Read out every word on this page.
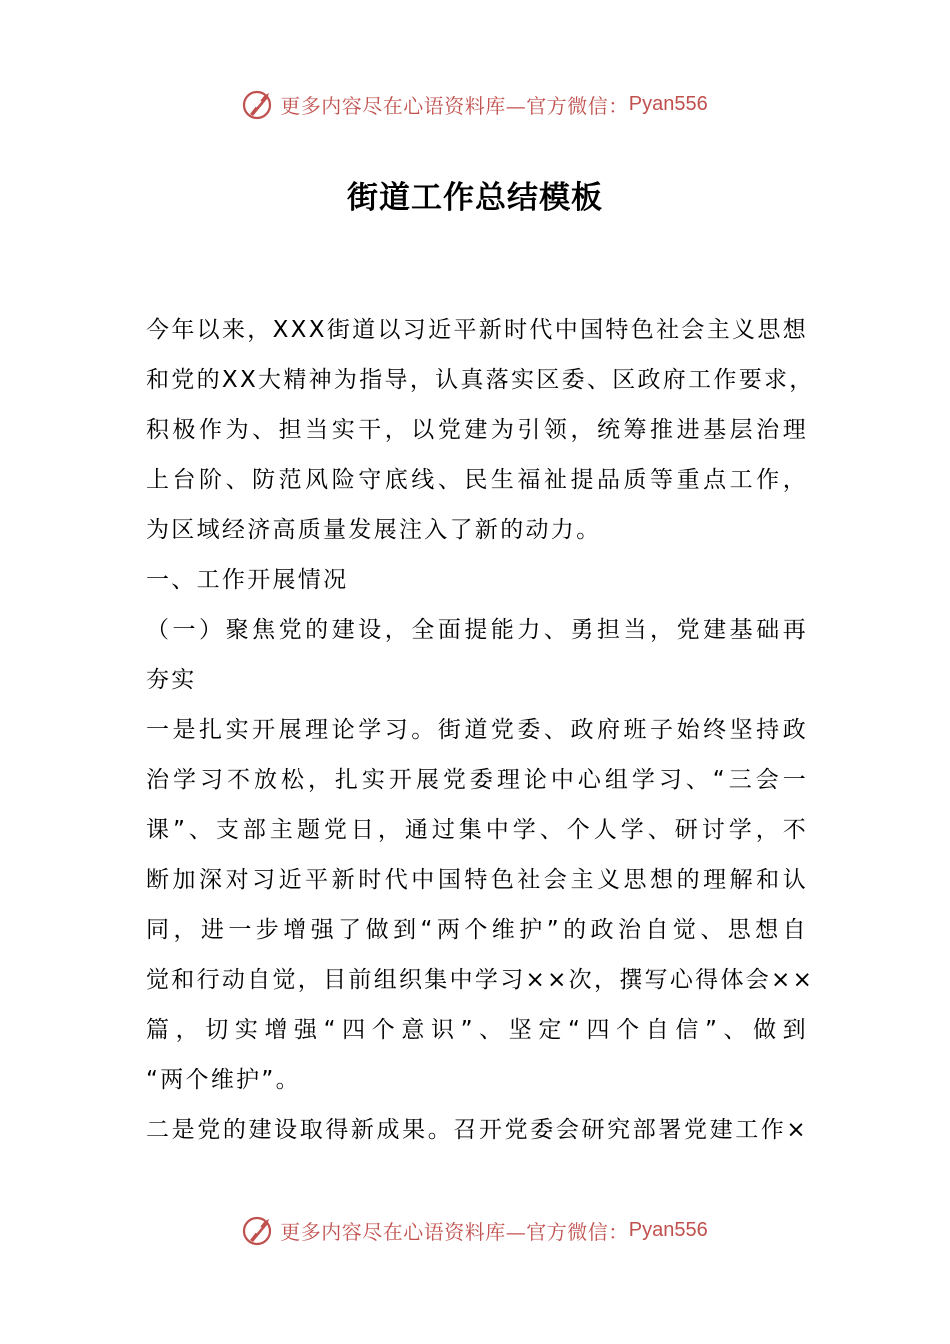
更多内容尽在心语资料库—官方微信： Pyan556
街道工作总结模板
今年以来，XXX街道以习近平新时代中国特色社会主义思想
和党的XX大精神为指导，认真落实区委、区政府工作要求，
积极作为、担当实干，以党建为引领，统筹推进基层治理
上台阶、防范风险守底线、民生福祉提品质等重点工作，
为区域经济高质量发展注入了新的动力。
一、工作开展情况
（一）聚焦党的建设，全面提能力、勇担当，党建基础再
夯实
一是扎实开展理论学习。街道党委、政府班子始终坚持政
治学习不放松，扎实开展党委理论中心组学习、“三会一
课”、支部主题党日，通过集中学、个人学、研讨学，不
断加深对习近平新时代中国特色社会主义思想的理解和认
同，进一步增强了做到“两个维护”的政治自觉、思想自
觉和行动自觉，目前组织集中学习××次，撰写心得体会××
篇，切实增强“四个意识”、坚定“四个自信”、做到
“两个维护”。
二是党的建设取得新成果。召开党委会研究部署党建工作×
更多内容尽在心语资料库—官方微信： Pyan556
